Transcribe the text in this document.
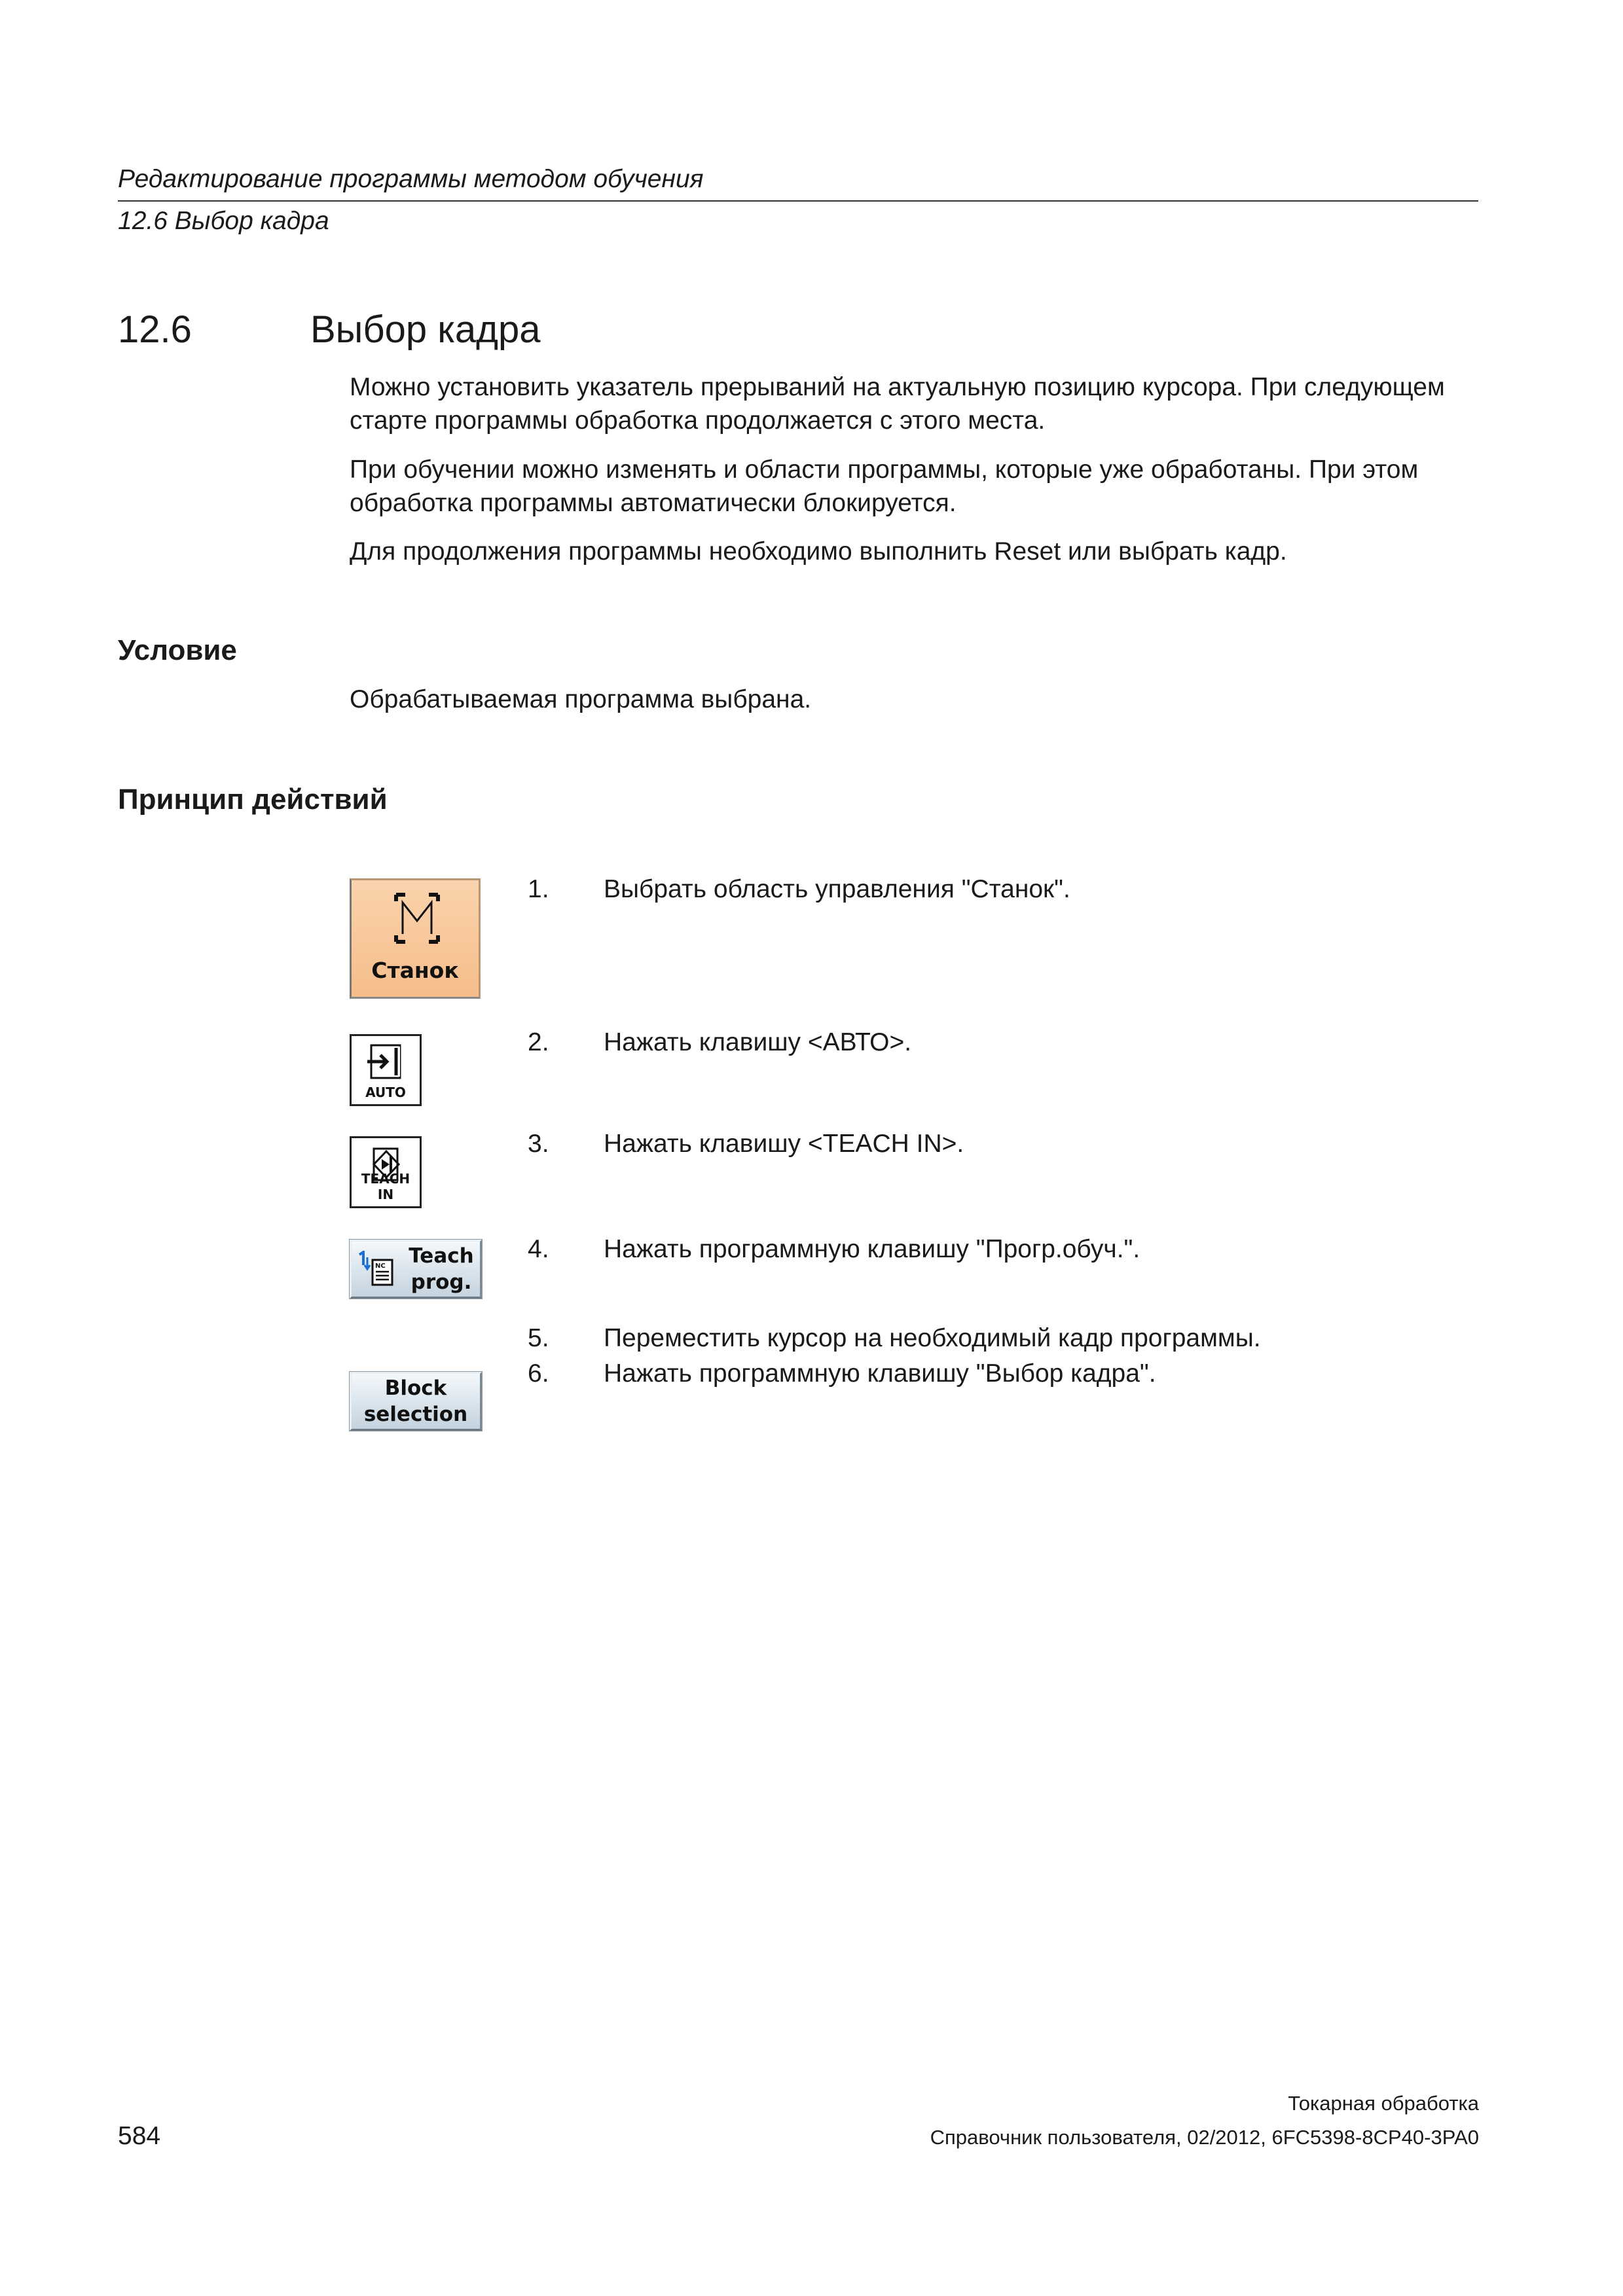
Редактирование программы методом обучения
12.6 Выбор кадра
12.6	Выбор кадра
Можно установить указатель прерываний на актуальную позицию курсора. При следующем старте программы обработка продолжается с этого места.
При обучении можно изменять и области программы, которые уже обработаны. При этом обработка программы автоматически блокируется.
Для продолжения программы необходимо выполнить Reset или выбрать кадр.
Условие
Обрабатываемая программа выбрана.
Принцип действий
Станок
1. Выбрать область управления "Станок".
AUTO
2. Нажать клавишу <АВТО>.
TEACH IN
3. Нажать клавишу <TEACH IN>.
NC Teach
prog.
4. Нажать программную клавишу "Прогр.обуч.".
5. Переместить курсор на необходимый кадр программы.
Block
selection
6. Нажать программную клавишу "Выбор кадра".
Токарная обработка
584	Справочник пользователя, 02/2012, 6FC5398-8CP40-3PA0
